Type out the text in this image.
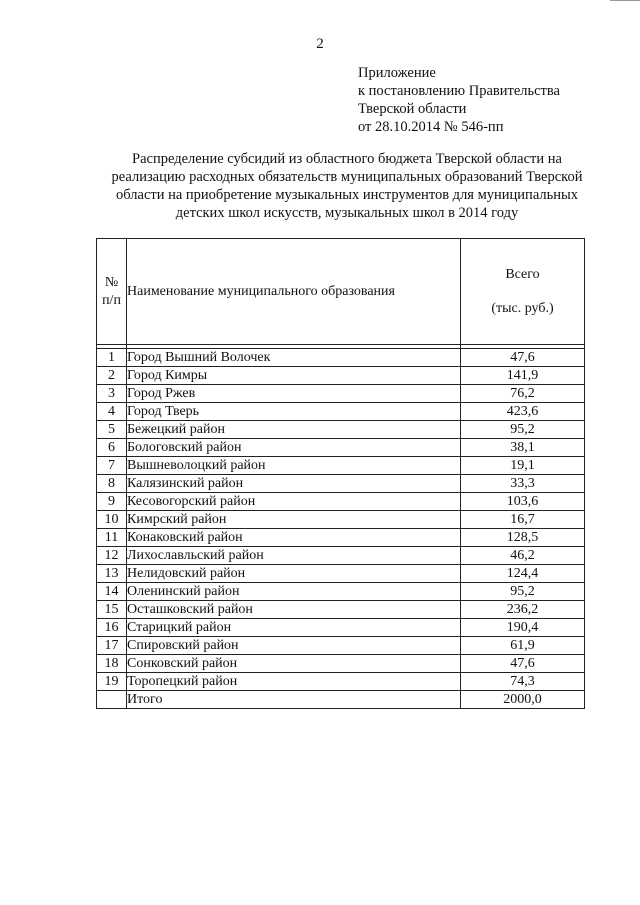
2
Приложение
к постановлению Правительства
Тверской области
от 28.10.2014 № 546-пп
Распределение субсидий из областного бюджета Тверской области на
реализацию расходных обязательств муниципальных образований Тверской
области на приобретение музыкальных инструментов для муниципальных
детских школ искусств, музыкальных школ в 2014 году
№
п/п	Наименование муниципального образования	Всего
(тыс. руб.)

1	Город Вышний Волочек	47,6
2	Город Кимры	141,9
3	Город Ржев	76,2
4	Город Тверь	423,6
5	Бежецкий район	95,2
6	Бологовский район	38,1
7	Вышневолоцкий район	19,1
8	Калязинский район	33,3
9	Кесовогорский район	103,6
10	Кимрский район	16,7
11	Конаковский район	128,5
12	Лихославльский район	46,2
13	Нелидовский район	124,4
14	Оленинский район	95,2
15	Осташковский район	236,2
16	Старицкий район	190,4
17	Спировский район	61,9
18	Сонковский район	47,6
19	Торопецкий район	74,3
	Итого	2000,0
